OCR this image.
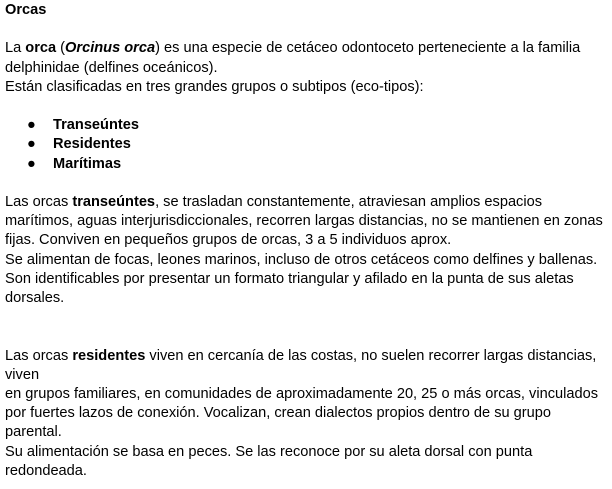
Orcas

La orca (Orcinus orca) es una especie de cetáceo odontoceto perteneciente a la familia

delphinidae (delfines oceánicos).

Están clasificadas en tres grandes grupos o subtipos (eco-tipos):

● Transeúntes
● Residentes
● Marítimas

Las orcas transeúntes, se trasladan constantemente, atraviesan amplios espacios

marítimos, aguas interjurisdiccionales, recorren largas distancias, no se mantienen en zonas

fijas. Conviven en pequeños grupos de orcas, 3 a 5 individuos aprox.

Se alimentan de focas, leones marinos, incluso de otros cetáceos como delfines y ballenas.

Son identificables por presentar un formato triangular y afilado en la punta de sus aletas

dorsales.

Las orcas residentes viven en cercanía de las costas, no suelen recorrer largas distancias,

viven

en grupos familiares, en comunidades de aproximadamente 20, 25 o más orcas, vinculados

por fuertes lazos de conexión. Vocalizan, crean dialectos propios dentro de su grupo

parental.

Su alimentación se basa en peces. Se las reconoce por su aleta dorsal con punta

redondeada.
